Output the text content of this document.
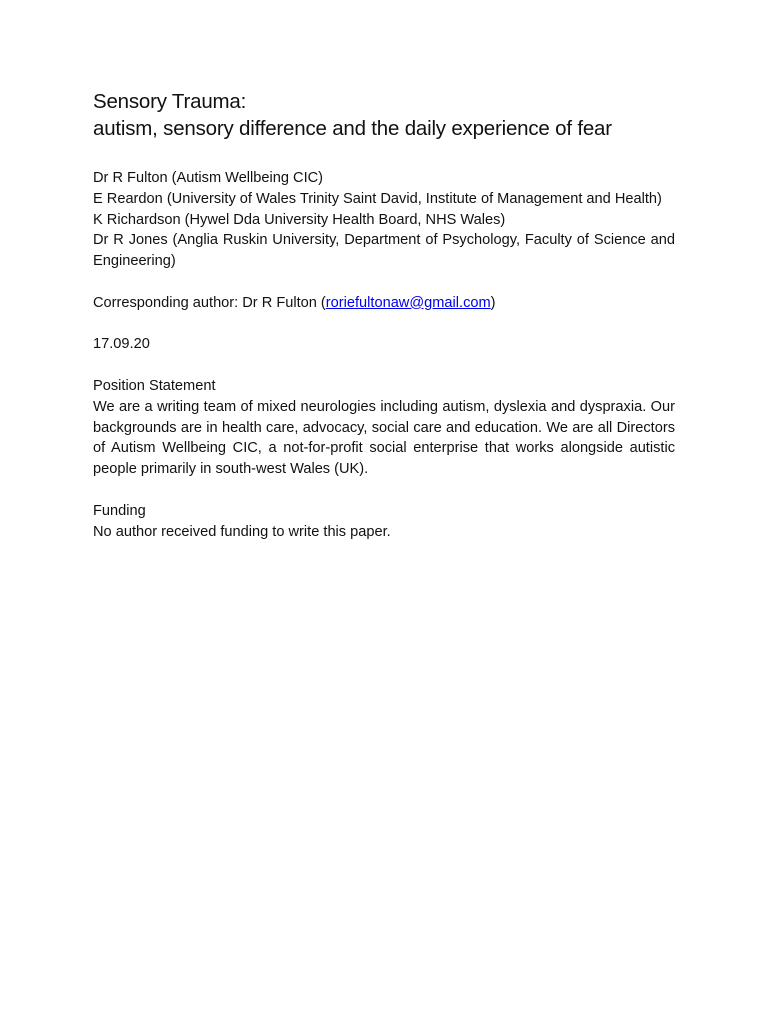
Sensory Trauma:
autism, sensory difference and the daily experience of fear
Dr R Fulton (Autism Wellbeing CIC)
E Reardon (University of Wales Trinity Saint David, Institute of Management and Health)
K Richardson (Hywel Dda University Health Board, NHS Wales)
Dr R Jones (Anglia Ruskin University, Department of Psychology, Faculty of Science and Engineering)
Corresponding author: Dr R Fulton (roriefultonaw@gmail.com)
17.09.20
Position Statement
We are a writing team of mixed neurologies including autism, dyslexia and dyspraxia. Our backgrounds are in health care, advocacy, social care and education. We are all Directors of Autism Wellbeing CIC, a not-for-profit social enterprise that works alongside autistic people primarily in south-west Wales (UK).
Funding
No author received funding to write this paper.
